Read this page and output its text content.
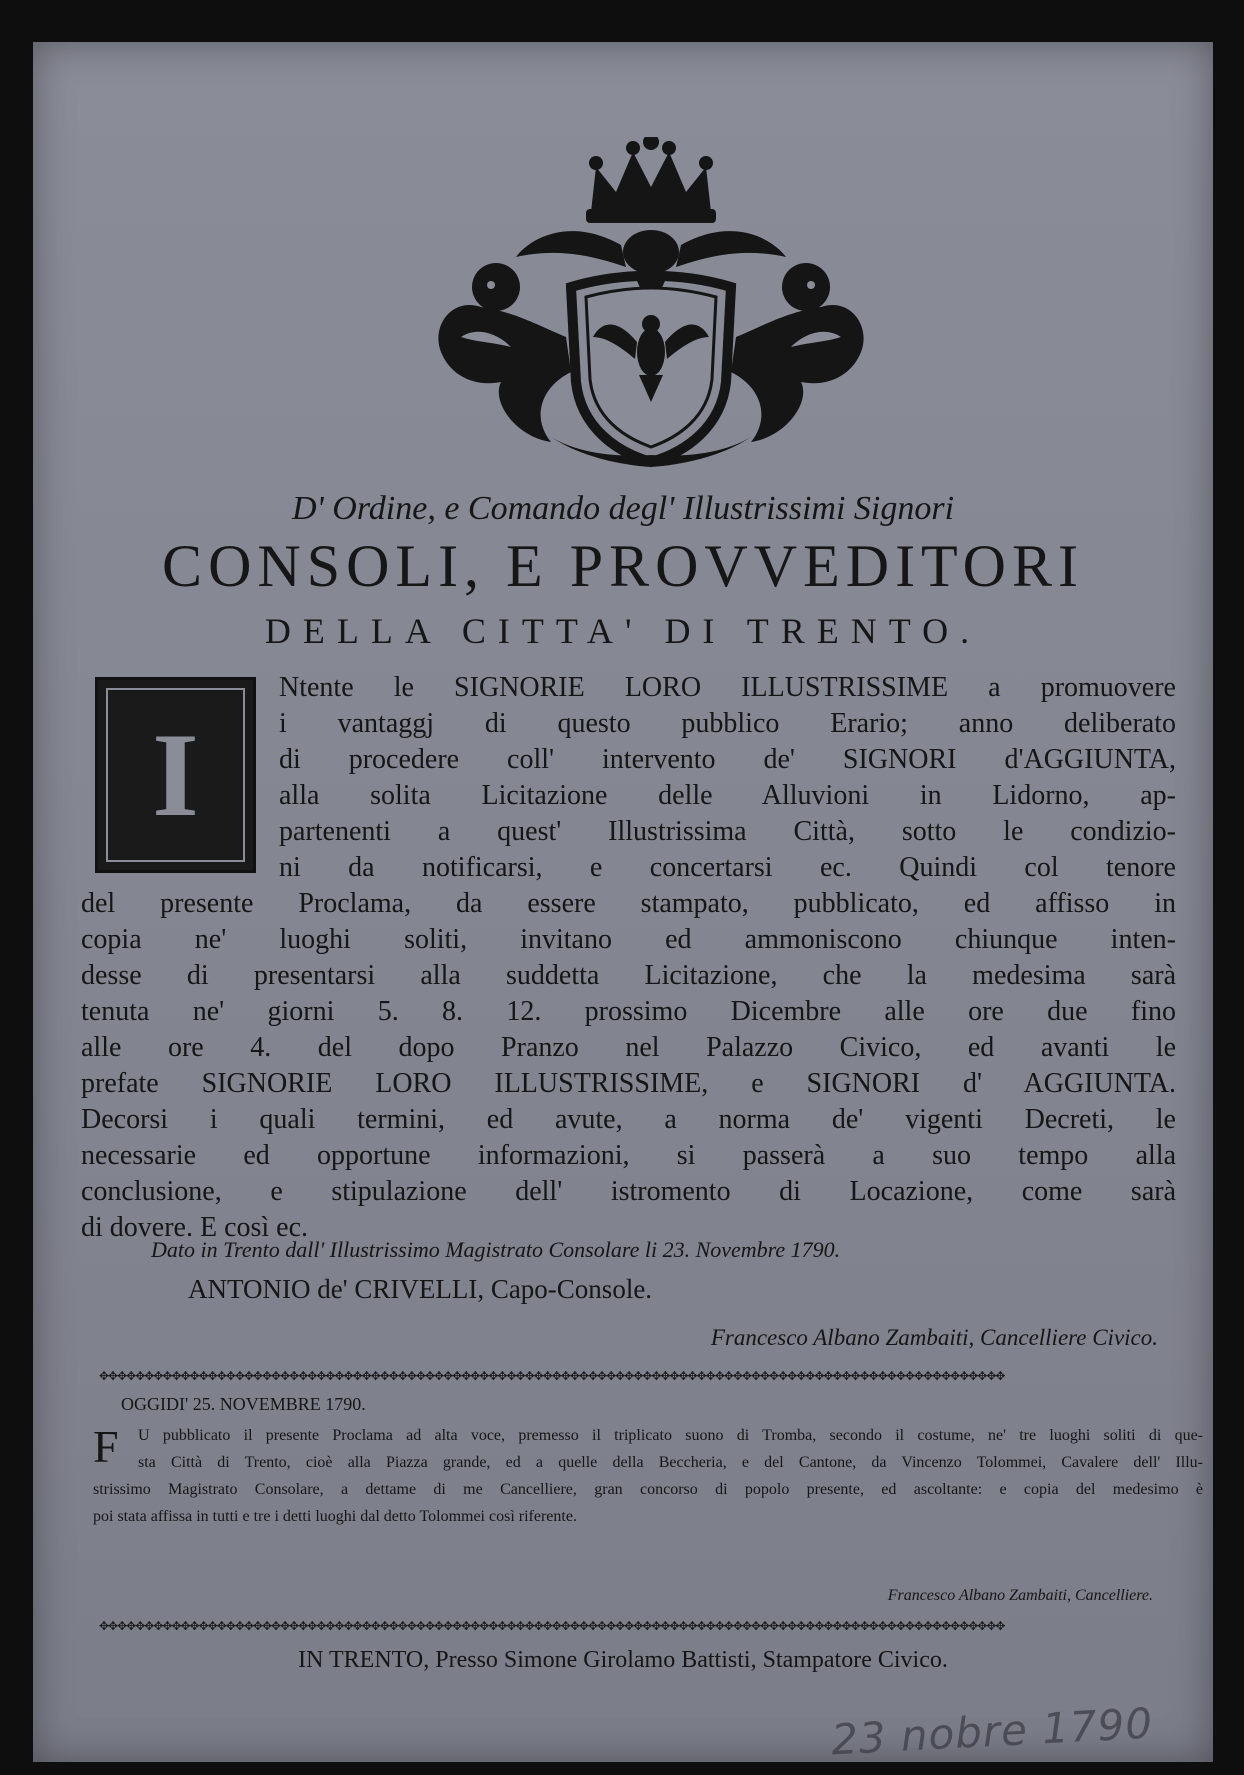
D' Ordine, e Comando degl' Illustrissimi Signori
CONSOLI, E PROVVEDITORI
DELLA CITTA' DI TRENTO.
I
Ntente le SIGNORIE LORO ILLUSTRISSIME a promuovere
i vantaggj di questo pubblico Erario; anno deliberato
di procedere coll' intervento de' SIGNORI d'AGGIUNTA,
alla solita Licitazione delle Alluvioni in Lidorno, ap-
partenenti a quest' Illustrissima Città, sotto le condizio-
ni da notificarsi, e concertarsi ec. Quindi col tenore
del presente Proclama, da essere stampato, pubblicato, ed affisso in
copia ne' luoghi soliti, invitano ed ammoniscono chiunque inten-
desse di presentarsi alla suddetta Licitazione, che la medesima sarà
tenuta ne' giorni 5. 8. 12. prossimo Dicembre alle ore due fino
alle ore 4. del dopo Pranzo nel Palazzo Civico, ed avanti le
prefate SIGNORIE LORO ILLUSTRISSIME, e SIGNORI d' AGGIUNTA.
Decorsi i quali termini, ed avute, a norma de' vigenti Decreti, le
necessarie ed opportune informazioni, si passerà a suo tempo alla
conclusione, e stipulazione dell' istromento di Locazione, come sarà
di dovere. E così ec.
Dato in Trento dall' Illustrissimo Magistrato Consolare li 23. Novembre 1790.
ANTONIO de' CRIVELLI, Capo-Console.
Francesco Albano Zambaiti, Cancelliere Civico.
✥✥✥✥✥✥✥✥✥✥✥✥✥✥✥✥✥✥✥✥✥✥✥✥✥✥✥✥✥✥✥✥✥✥✥✥✥✥✥✥✥✥✥✥✥✥✥✥✥✥✥✥✥✥✥✥✥✥✥✥✥✥✥✥✥✥✥✥✥✥✥✥✥✥✥✥✥✥✥✥✥✥✥✥✥✥✥✥✥✥✥✥✥✥✥✥✥✥✥✥
OGGIDI' 25. NOVEMBRE 1790.
F U pubblicato il presente Proclama ad alta voce, premesso il triplicato suono di Tromba, secondo il costume, ne' tre luoghi soliti di que-
sta Città di Trento, cioè alla Piazza grande, ed a quelle della Beccheria, e del Cantone, da Vincenzo Tolommei, Cavalere dell' Illu-
strissimo Magistrato Consolare, a dettame di me Cancelliere, gran concorso di popolo presente, ed ascoltante: e copia del medesimo è
poi stata affissa in tutti e tre i detti luoghi dal detto Tolommei così riferente.
Francesco Albano Zambaiti, Cancelliere.
✥✥✥✥✥✥✥✥✥✥✥✥✥✥✥✥✥✥✥✥✥✥✥✥✥✥✥✥✥✥✥✥✥✥✥✥✥✥✥✥✥✥✥✥✥✥✥✥✥✥✥✥✥✥✥✥✥✥✥✥✥✥✥✥✥✥✥✥✥✥✥✥✥✥✥✥✥✥✥✥✥✥✥✥✥✥✥✥✥✥✥✥✥✥✥✥✥✥✥✥
IN TRENTO, Presso Simone Girolamo Battisti, Stampatore Civico.
23 nobre 1790
